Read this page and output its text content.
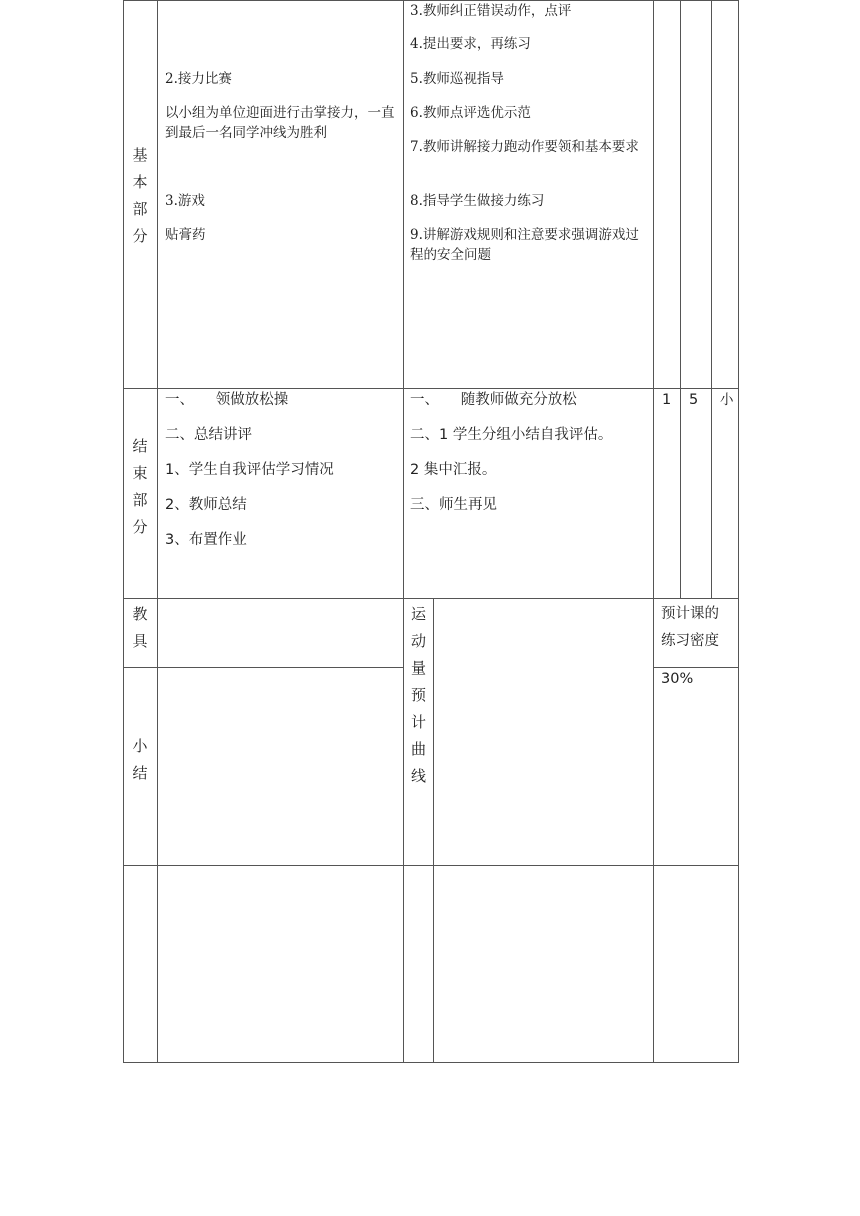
基
本
部
分
2.接力比赛
以小组为单位迎面进行击掌接力，一直到最后一名同学冲线为胜利
3.游戏
贴膏药
3.教师纠正错误动作，点评
4.提出要求，再练习
5.教师巡视指导
6.教师点评选优示范
7.教师讲解接力跑动作要领和基本要求
8.指导学生做接力练习
9.讲解游戏规则和注意要求强调游戏过程的安全问题
结
束
部
分
一、　　领做放松操
二、总结讲评
1、学生自我评估学习情况
2、教师总结
3、布置作业
一、　　随教师做充分放松
二、1 学生分组小结自我评估。
2 集中汇报。
三、师生再见
1 5 小
教
具
小
结
运
动
量
预
计
曲
线
预计课的
练习密度
30%
